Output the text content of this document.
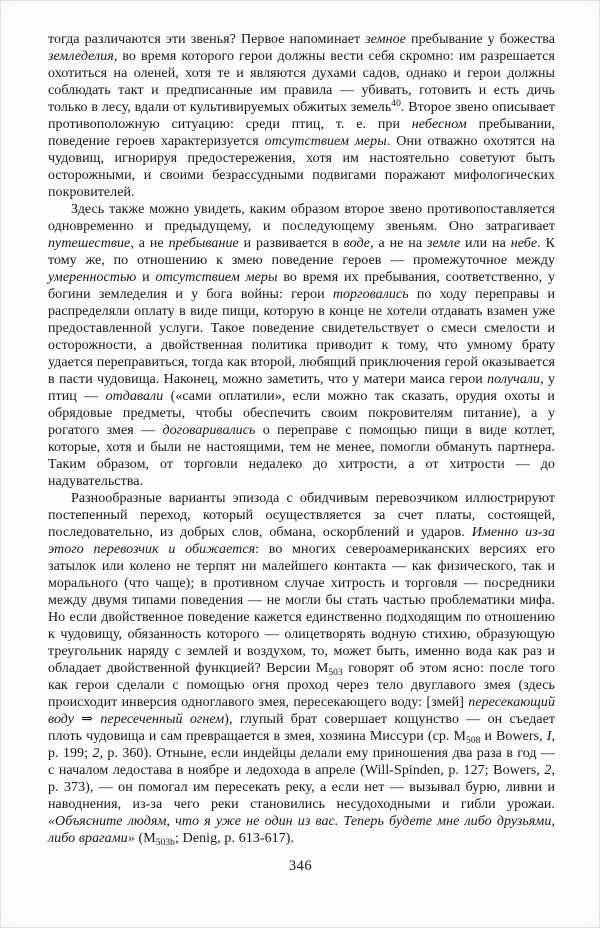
тогда различаются эти звенья? Первое напоминает земное пребывание у божества земледелия, во время которого герои должны вести себя скромно: им разрешается охотиться на оленей, хотя те и являются духами садов, однако и герои должны соблюдать такт и предписанные им правила — убивать, готовить и есть дичь только в лесу, вдали от культивируемых обжитых земель$^{40}$. Второе звено описывает противоположную ситуацию: среди птиц, т. е. при небесном пребывании, поведение героев характеризуется отсутствием меры. Они отважно охотятся на чудовищ, игнорируя предостережения, хотя им настоятельно советуют быть осторожными, и своими безрассудными подвигами поражают мифологических покровителей.

Здесь также можно увидеть, каким образом второе звено противопоставляется одновременно и предыдущему, и последующему звеньям. Оно затрагивает путешествие, а не пребывание и развивается в воде, а не на земле или на небе. К тому же, по отношению к змею поведение героев — промежуточное между умеренностью и отсутствием меры во время их пребывания, соответственно, у богини земледелия и у бога войны: герои торговались по ходу переправы и распределяли оплату в виде пищи, которую в конце не хотели отдавать взамен уже предоставленной услуги. Такое поведение свидетельствует о смеси смелости и осторожности, а двойственная политика приводит к тому, что умному брату удается переправиться, тогда как второй, любящий приключения герой оказывается в пасти чудовища. Наконец, можно заметить, что у матери маиса герои получали, у птиц — отдавали («сами оплатили», если можно так сказать, орудия охоты и обрядовые предметы, чтобы обеспечить своим покровителям питание), а у рогатого змея — договаривались о переправе с помощью пищи в виде котлет, которые, хотя и были не настоящими, тем не менее, помогли обмануть партнера. Таким образом, от торговли недалеко до хитрости, а от хитрости — до надувательства.

Разнообразные варианты эпизода с обидчивым перевозчиком иллюстрируют постепенный переход, который осуществляется за счет платы, состоящей, последовательно, из добрых слов, обмана, оскорблений и ударов. Именно из-за этого перевозчик и обижается: во многих североамериканских версиях его затылок или колено не терпят ни малейшего контакта — как физического, так и морального (что чаще); в противном случае хитрость и торговля — посредники между двумя типами поведения — не могли бы стать частью проблематики мифа. Но если двойственное поведение кажется единственно подходящим по отношению к чудовищу, обязанность которого — олицетворять водную стихию, образующую треугольник наряду с землей и воздухом, то, может быть, именно вода как раз и обладает двойственной функцией? Версии $M_{503}$ говорят об этом ясно: после того как герои сделали с помощью огня проход через тело двуглавого змея (здесь происходит инверсия одноглавого змея, пересекающего воду: [змей] пересекающий воду ⇒ пересеченный огнем), глупый брат совершает кощунство — он съедает плоть чудовища и сам превращается в змея, хозяина Миссури (ср. $M_{508}$ и Bowers, I, p. 199; 2, p. 360). Отныне, если индейцы делали ему приношения два раза в год — с началом ледостава в ноябре и ледохода в апреле (Will-Spinden, p. 127; Bowers, 2, p. 373), — он помогал им пересекать реку, а если нет — вызывал бурю, ливни и наводнения, из-за чего реки становились несудоходными и гибли урожаи. «Объясните людям, что я уже не один из вас. Теперь будете мне либо друзьями, либо врагами» ($M_{503b}$; Denig, p. 613-617).

346
